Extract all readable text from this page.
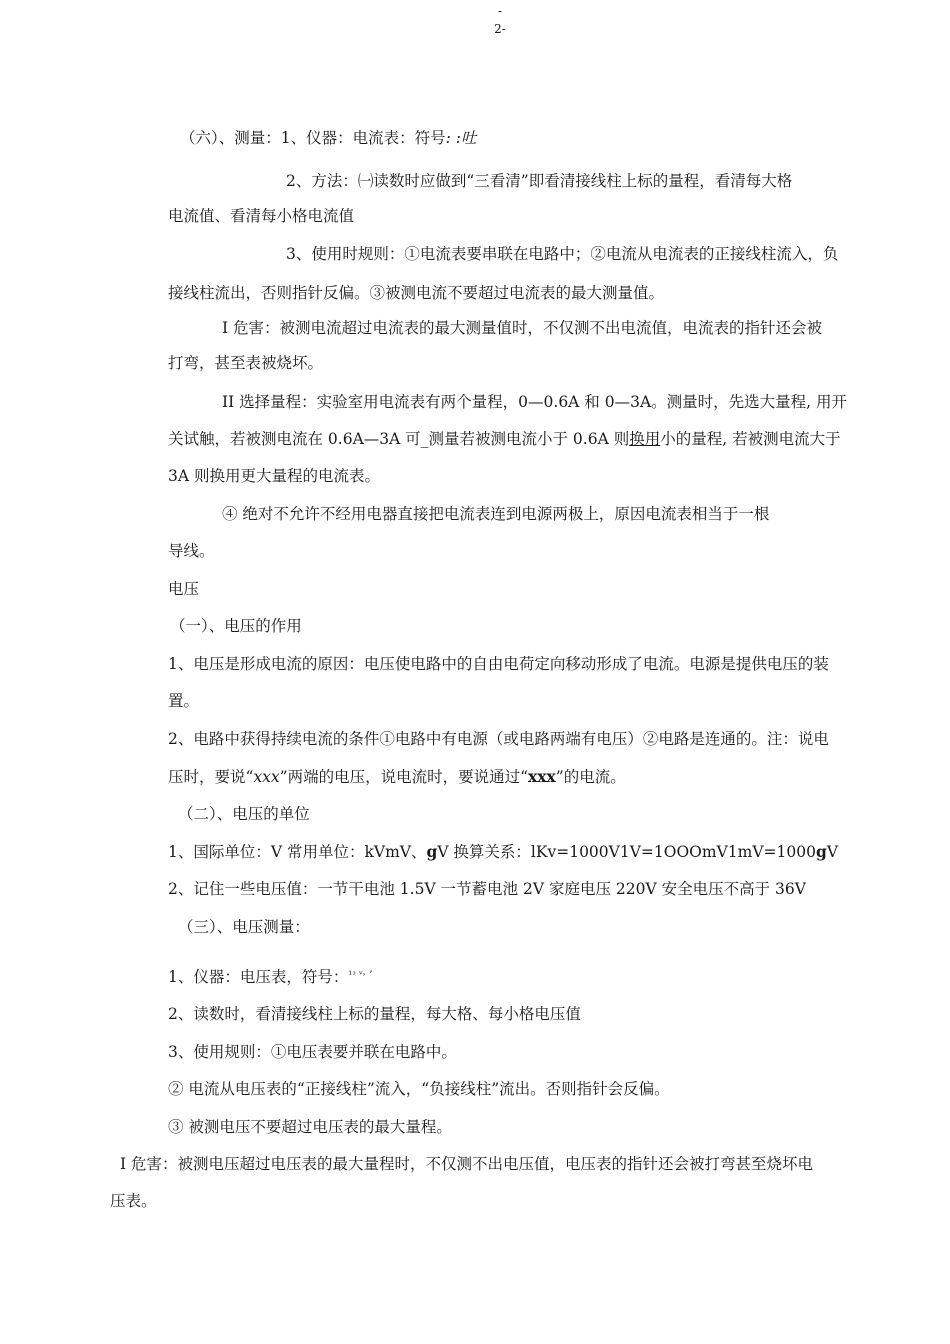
-
2-
（六）、测量：1、仪器：电流表：符号: :吐
2、方法：㈠读数时应做到“三看清”即看清接线柱上标的量程，看清每大格
电流值、看清每小格电流值
3、使用时规则：①电流表要串联在电路中；②电流从电流表的正接线柱流入，负
接线柱流出，否则指针反偏。③被测电流不要超过电流表的最大测量值。
I 危害：被测电流超过电流表的最大测量值时，不仅测不出电流值，电流表的指针还会被
打弯，甚至表被烧坏。
II 选择量程：实验室用电流表有两个量程，0—0.6A 和 0—3A。测量时，先选大量程, 用开
关试触，若被测电流在 0.6A—3A 可_测量若被测电流小于 0.6A 则换用小的量程, 若被测电流大于
3A 则换用更大量程的电流表。
④ 绝对不允许不经用电器直接把电流表连到电源两极上，原因电流表相当于一根
导线。
电压
（一）、电压的作用
1、电压是形成电流的原因：电压使电路中的自由电荷定向移动形成了电流。电源是提供电压的装
置。
2、电路中获得持续电流的条件①电路中有电源（或电路两端有电压）②电路是连通的。注：说电
压时，要说“xxx”两端的电压，说电流时，要说通过“xxx”的电流。
（二）、电压的单位
1、国际单位：V 常用单位：kVmV、gV 换算关系：lKv=1000V1V=1OOOmV1mV=1000gV
2、记住一些电压值：一节干电池 1.5V 一节蓄电池 2V 家庭电压 220V 安全电压不高于 36V
（三）、电压测量：
1、仪器：电压表，符号：$^{^1ᵌ ᵛ˒ ʼ}$
2、读数时，看清接线柱上标的量程，每大格、每小格电压值
3、使用规则：①电压表要并联在电路中。
② 电流从电压表的“正接线柱”流入，“负接线柱”流出。否则指针会反偏。
③ 被测电压不要超过电压表的最大量程。
I 危害：被测电压超过电压表的最大量程时，不仅测不出电压值，电压表的指针还会被打弯甚至烧坏电
压表。
